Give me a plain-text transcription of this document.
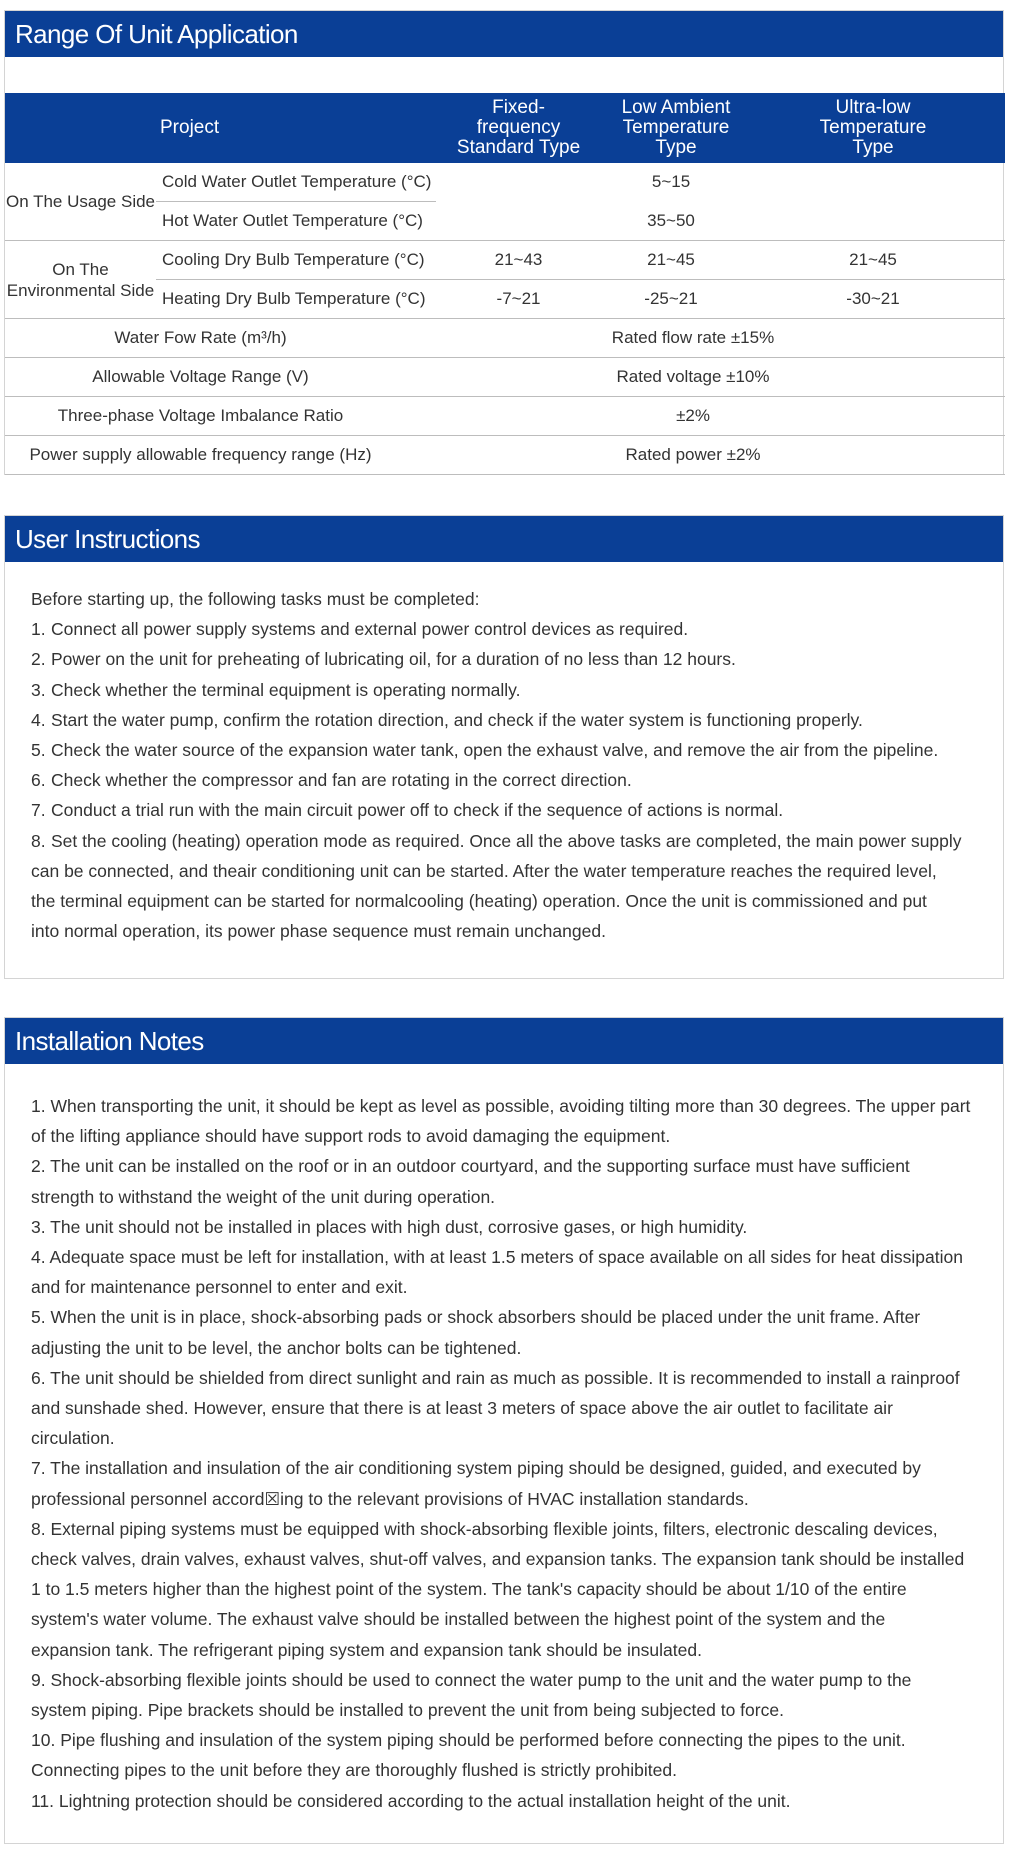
Range Of Unit Application
Project		Fixed-frequency Standard Type	Low Ambient Temperature Type	Ultra-low Temperature Type
On The Usage Side	Cold Water Outlet Temperature (°C)		5~15	

	Hot Water Outlet Temperature (°C)		35~50	
On The Environmental Side	Cooling Dry Bulb Temperature (°C)	21~43	21~45	21~45

	Heating Dry Bulb Temperature (°C)	-7~21	-25~21	-30~21
Water Fow Rate (m³/h)		Rated flow rate ±15%		
Allowable Voltage Range (V)		Rated voltage ±10%		
Three-phase Voltage Imbalance Ratio		±2%		
Power supply allowable frequency range (Hz)		Rated power ±2%		
User Instructions
Before starting up, the following tasks must be completed:
1. Connect all power supply systems and external power control devices as required.
2. Power on the unit for preheating of lubricating oil, for a duration of no less than 12 hours.
3. Check whether the terminal equipment is operating normally.
4. Start the water pump, confirm the rotation direction, and check if the water system is functioning properly.
5. Check the water source of the expansion water tank, open the exhaust valve, and remove the air from the pipeline.
6. Check whether the compressor and fan are rotating in the correct direction.
7. Conduct a trial run with the main circuit power off to check if the sequence of actions is normal.
8. Set the cooling (heating) operation mode as required. Once all the above tasks are completed, the main power supply
can be connected, and theair conditioning unit can be started. After the water temperature reaches the required level,
the terminal equipment can be started for normalcooling (heating) operation. Once the unit is commissioned and put
into normal operation, its power phase sequence must remain unchanged.
Installation Notes
1. When transporting the unit, it should be kept as level as possible, avoiding tilting more than 30 degrees. The upper part
of the lifting appliance should have support rods to avoid damaging the equipment.
2. The unit can be installed on the roof or in an outdoor courtyard, and the supporting surface must have sufficient
strength to withstand the weight of the unit during operation.
3. The unit should not be installed in places with high dust, corrosive gases, or high humidity.
4. Adequate space must be left for installation, with at least 1.5 meters of space available on all sides for heat dissipation
and for maintenance personnel to enter and exit.
5. When the unit is in place, shock-absorbing pads or shock absorbers should be placed under the unit frame. After
adjusting the unit to be level, the anchor bolts can be tightened.
6. The unit should be shielded from direct sunlight and rain as much as possible. It is recommended to install a rainproof
and sunshade shed. However, ensure that there is at least 3 meters of space above the air outlet to facilitate air
circulation.
7. The installation and insulation of the air conditioning system piping should be designed, guided, and executed by
professional personnel accord☒ing to the relevant provisions of HVAC installation standards.
8. External piping systems must be equipped with shock-absorbing flexible joints, filters, electronic descaling devices,
check valves, drain valves, exhaust valves, shut-off valves, and expansion tanks. The expansion tank should be installed
1 to 1.5 meters higher than the highest point of the system. The tank's capacity should be about 1/10 of the entire
system's water volume. The exhaust valve should be installed between the highest point of the system and the
expansion tank. The refrigerant piping system and expansion tank should be insulated.
9. Shock-absorbing flexible joints should be used to connect the water pump to the unit and the water pump to the
system piping. Pipe brackets should be installed to prevent the unit from being subjected to force.
10. Pipe flushing and insulation of the system piping should be performed before connecting the pipes to the unit.
Connecting pipes to the unit before they are thoroughly flushed is strictly prohibited.
11. Lightning protection should be considered according to the actual installation height of the unit.
